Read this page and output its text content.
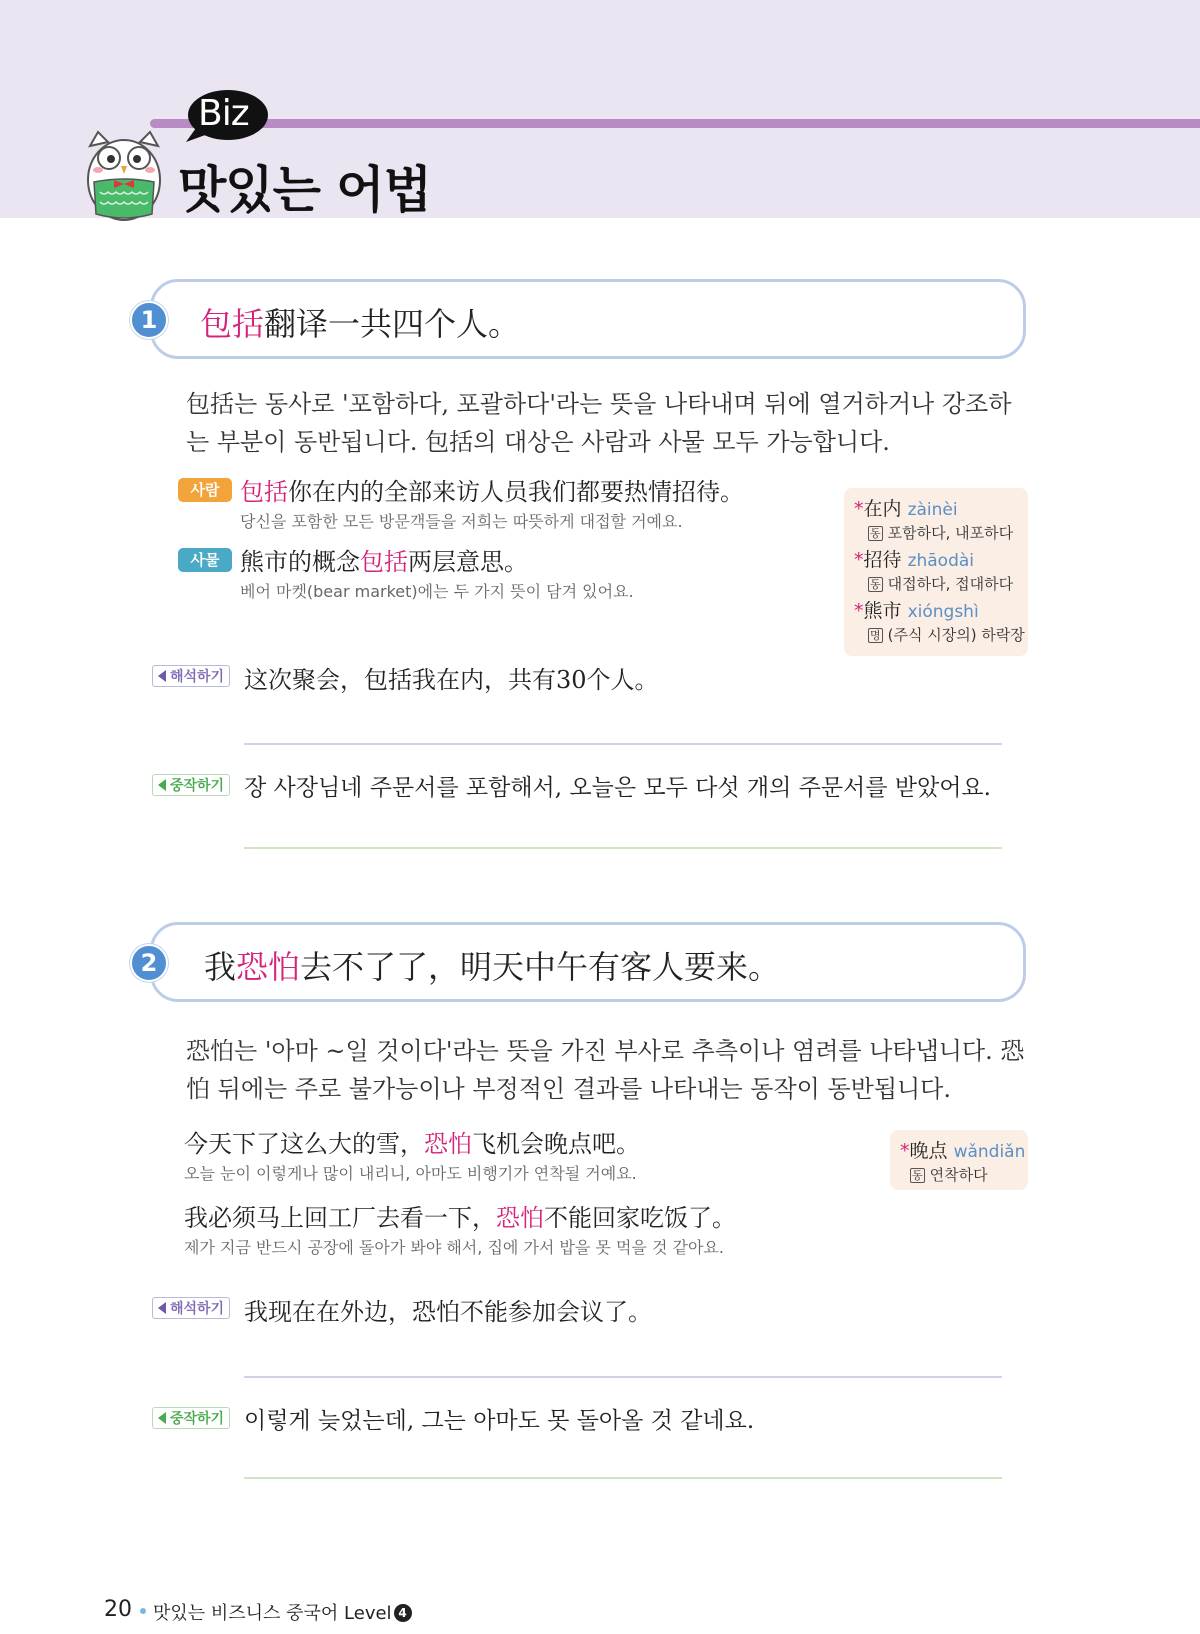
Biz
맛있는 어법
1	包括翻译一共四个人。
包括는 동사로 '포함하다, 포괄하다'라는 뜻을 나타내며 뒤에 열거하거나 강조하는 부분이 동반됩니다. 包括의 대상은 사람과 사물 모두 가능합니다.
사람 包括你在内的全部来访人员我们都要热情招待。
당신을 포함한 모든 방문객들을 저희는 따뜻하게 대접할 거예요.
사물 熊市的概念包括两层意思。
베어 마켓(bear market)에는 두 가지 뜻이 담겨 있어요.
*在内 zàinèi
동 포함하다, 내포하다
*招待 zhāodài
동 대접하다, 접대하다
*熊市 xióngshì
명 (주식 시장의) 하락장
해석하기 这次聚会，包括我在内，共有30个人。
중작하기 장 사장님네 주문서를 포함해서, 오늘은 모두 다섯 개의 주문서를 받았어요.
2	我恐怕去不了了，明天中午有客人要来。
恐怕는 '아마 ~일 것이다'라는 뜻을 가진 부사로 추측이나 염려를 나타냅니다. 恐怕 뒤에는 주로 불가능이나 부정적인 결과를 나타내는 동작이 동반됩니다.
今天下了这么大的雪，恐怕飞机会晚点吧。
오늘 눈이 이렇게나 많이 내리니, 아마도 비행기가 연착될 거예요.
我必须马上回工厂去看一下，恐怕不能回家吃饭了。
제가 지금 반드시 공장에 돌아가 봐야 해서, 집에 가서 밥을 못 먹을 것 같아요.
*晚点 wǎndiǎn
동 연착하다
해석하기 我现在在外边，恐怕不能参加会议了。
중작하기 이렇게 늦었는데, 그는 아마도 못 돌아올 것 같네요.
20 맛있는 비즈니스 중국어 Level 4
